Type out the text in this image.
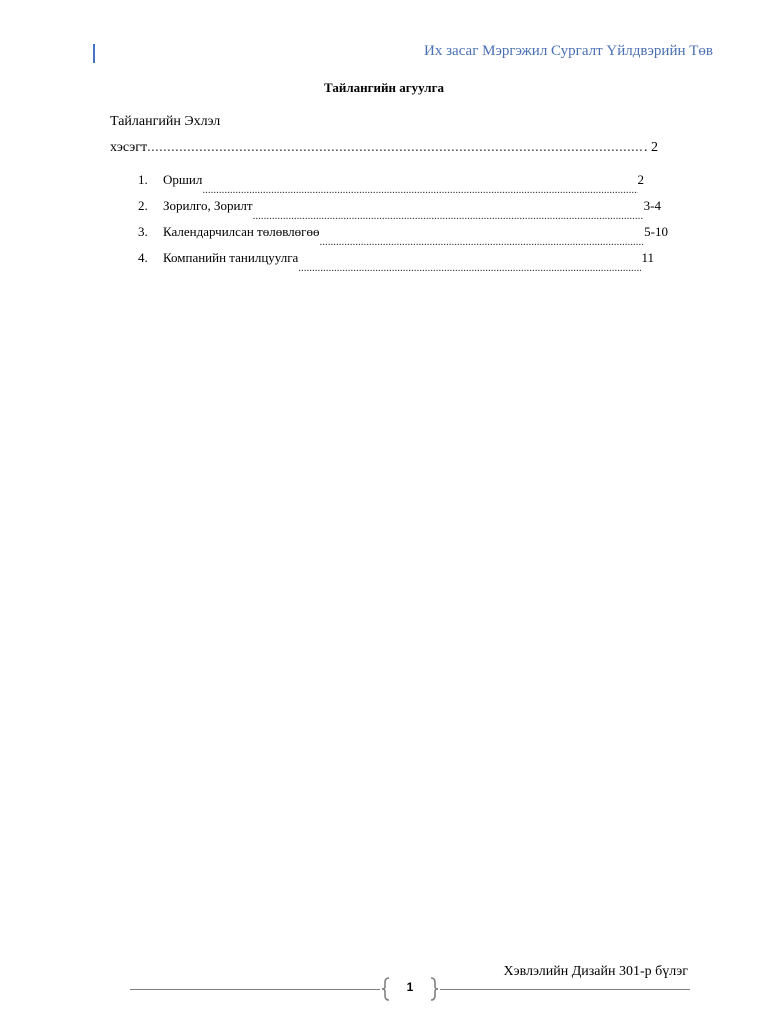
Их засаг Мэргэжил Сургалт Үйлдвэрийн Төв
Тайлангийн агуулга
Тайлангийн Эхлэл
хэсэгт
.....	. 2
1.	Оршил
.....	2
2.	Зорилго, Зорилт
.....	3-4
3.	Календарчилсан төлөвлөгөө
.....	5-10
4.	Компанийн танилцуулга
.....	11
Хэвлэлийн Дизайн 301-р бүлэг
1
